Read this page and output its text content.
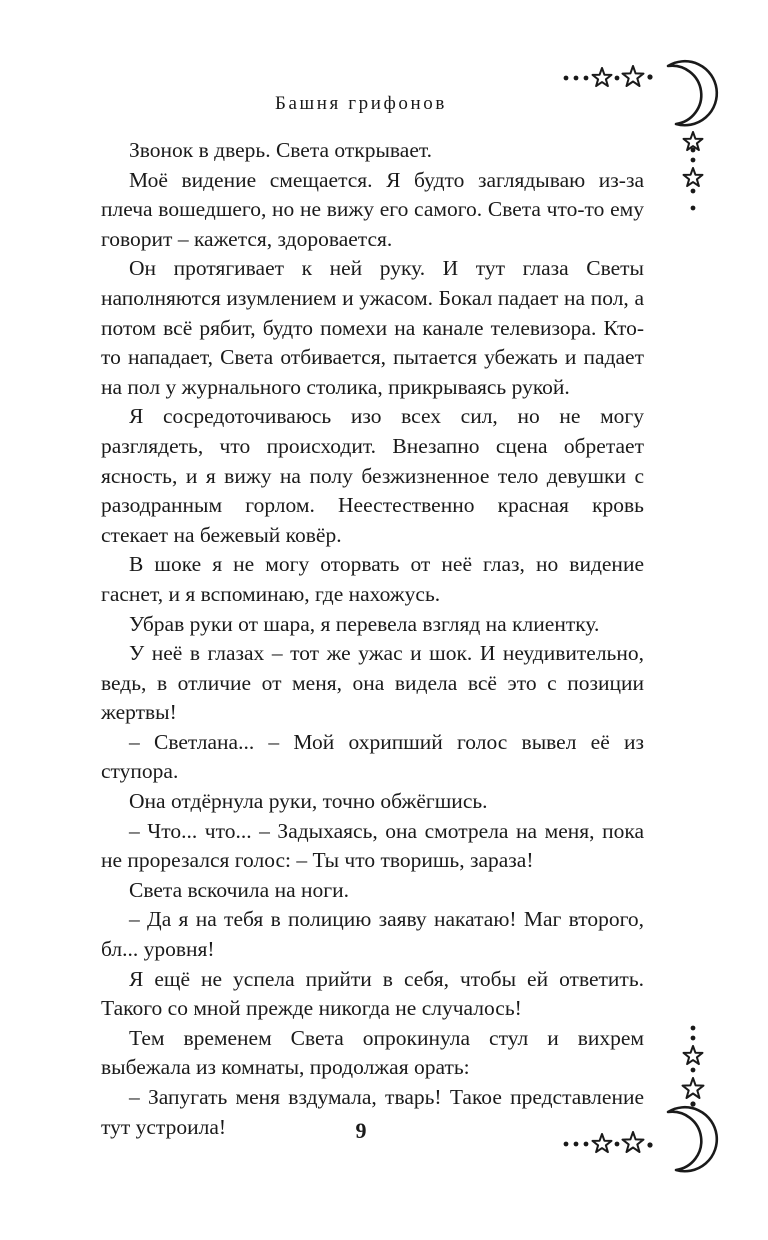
Башня грифонов

Звонок в дверь. Света открывает.

Моё видение смещается. Я будто заглядываю из-за плеча вошедшего, но не вижу его самого. Света что-то ему говорит – кажется, здоровается.

Он протягивает к ней руку. И тут глаза Светы наполняются изумлением и ужасом. Бокал падает на пол, а потом всё рябит, будто помехи на канале телевизора. Кто-то нападает, Света отбивается, пытается убежать и падает на пол у журнального столика, прикрываясь рукой.

Я сосредоточиваюсь изо всех сил, но не могу разглядеть, что происходит. Внезапно сцена обретает ясность, и я вижу на полу безжизненное тело девушки с разодранным горлом. Неестественно красная кровь стекает на бежевый ковёр.

В шоке я не могу оторвать от неё глаз, но видение гаснет, и я вспоминаю, где нахожусь.

Убрав руки от шара, я перевела взгляд на клиентку.

У неё в глазах – тот же ужас и шок. И неудивительно, ведь, в отличие от меня, она видела всё это с позиции жертвы!

– Светлана... – Мой охрипший голос вывел её из ступора.

Она отдёрнула руки, точно обжёгшись.

– Что... что... – Задыхаясь, она смотрела на меня, пока не прорезался голос: – Ты что творишь, зараза!

Света вскочила на ноги.

– Да я на тебя в полицию заяву накатаю! Маг второго, бл... уровня!

Я ещё не успела прийти в себя, чтобы ей ответить. Такого со мной прежде никогда не случалось!

Тем временем Света опрокинула стул и вихрем выбежала из комнаты, продолжая орать:

– Запугать меня вздумала, тварь! Такое представление тут устроила!	9
